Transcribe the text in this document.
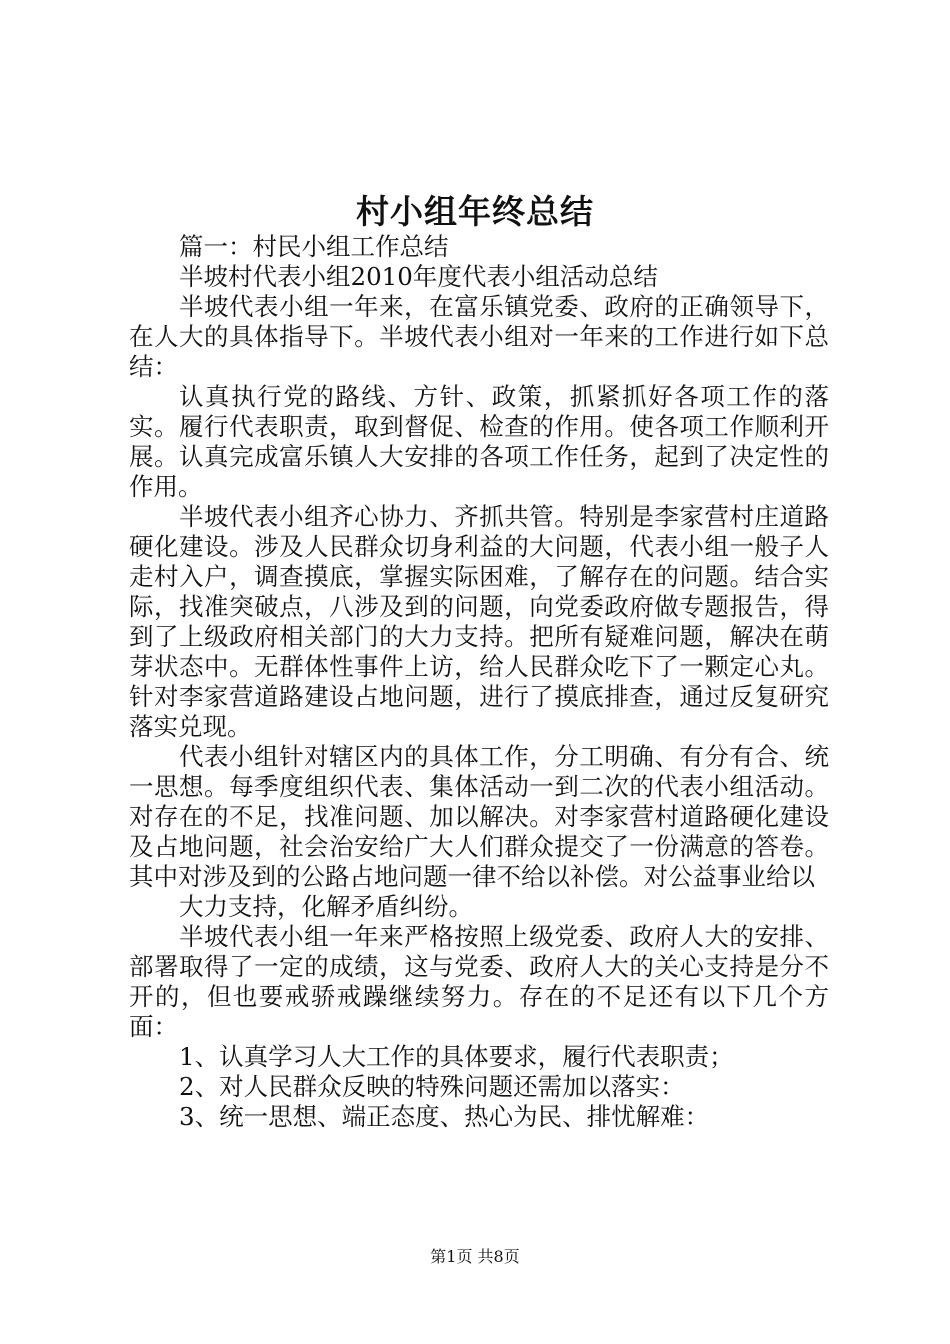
村小组年终总结

篇一：村民小组工作总结

半坡村代表小组2010年度代表小组活动总结

半坡代表小组一年来，在富乐镇党委、政府的正确领导下，在人大的具体指导下。半坡代表小组对一年来的工作进行如下总结：

认真执行党的路线、方针、政策，抓紧抓好各项工作的落实。履行代表职责，取到督促、检查的作用。使各项工作顺利开展。认真完成富乐镇人大安排的各项工作任务，起到了决定性的作用。

半坡代表小组齐心协力、齐抓共管。特别是李家营村庄道路硬化建设。涉及人民群众切身利益的大问题，代表小组一般子人走村入户，调查摸底，掌握实际困难，了解存在的问题。结合实际，找准突破点，八涉及到的问题，向党委政府做专题报告，得到了上级政府相关部门的大力支持。把所有疑难问题，解决在萌芽状态中。无群体性事件上访，给人民群众吃下了一颗定心丸。针对李家营道路建设占地问题，进行了摸底排查，通过反复研究落实兑现。

代表小组针对辖区内的具体工作，分工明确、有分有合、统一思想。每季度组织代表、集体活动一到二次的代表小组活动。对存在的不足，找准问题、加以解决。对李家营村道路硬化建设及占地问题，社会治安给广大人们群众提交了一份满意的答卷。其中对涉及到的公路占地问题一律不给以补偿。对公益事业给以

大力支持，化解矛盾纠纷。

半坡代表小组一年来严格按照上级党委、政府人大的安排、部署取得了一定的成绩，这与党委、政府人大的关心支持是分不开的，但也要戒骄戒躁继续努力。存在的不足还有以下几个方面：

1、认真学习人大工作的具体要求，履行代表职责；

2、对人民群众反映的特殊问题还需加以落实：

3、统一思想、端正态度、热心为民、排忧解难：

第1页 共8页
